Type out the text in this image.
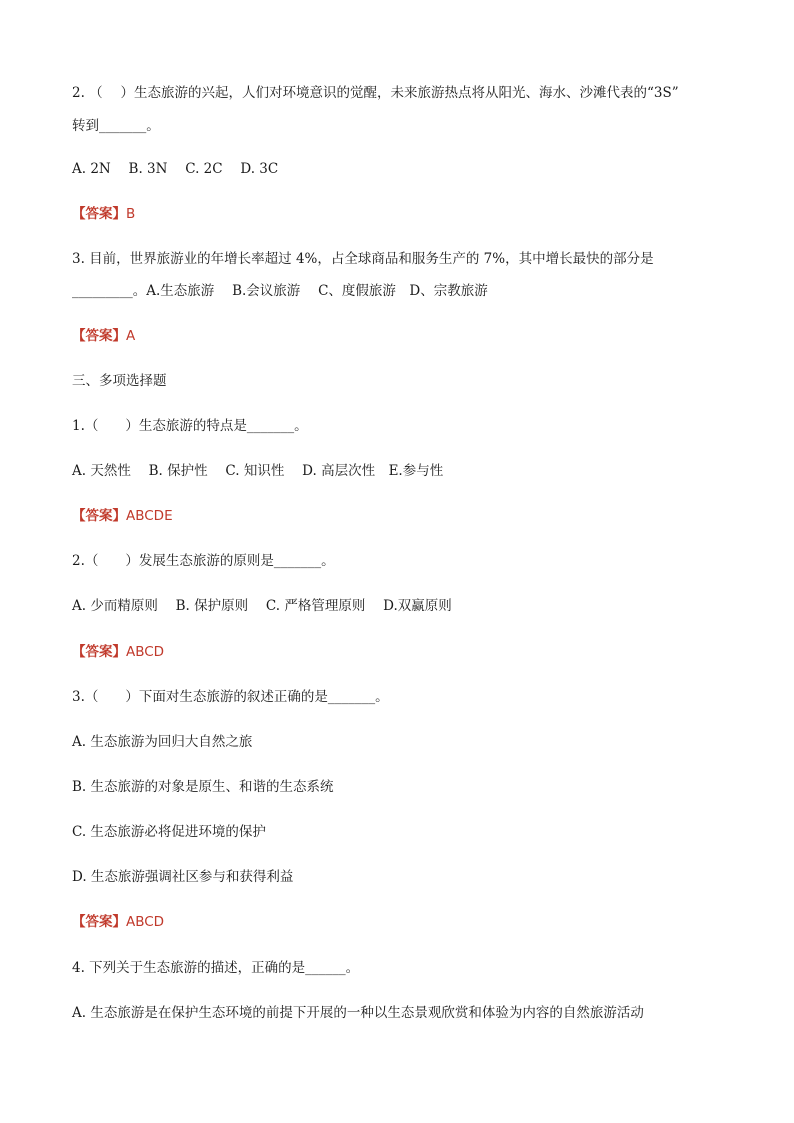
2. （　 ）生态旅游的兴起，人们对环境意识的觉醒，未来旅游热点将从阳光、海水、沙滩代表的“3S”
转到_______。
A. 2N　 B. 3N　 C. 2C　 D. 3C
【答案】B
3. 目前，世界旅游业的年增长率超过 4%，占全球商品和服务生产的 7%，其中增长最快的部分是
_________。A.生态旅游　 B.会议旅游　 C、度假旅游　D、宗教旅游
【答案】A
三、多项选择题
1.（　　）生态旅游的特点是_______。
A. 天然性　 B. 保护性　 C. 知识性　 D. 高层次性　E.参与性
【答案】ABCDE
2.（　　）发展生态旅游的原则是_______。
A. 少而精原则　 B. 保护原则　 C. 严格管理原则　 D.双赢原则
【答案】ABCD
3.（　　）下面对生态旅游的叙述正确的是_______。
A. 生态旅游为回归大自然之旅
B. 生态旅游的对象是原生、和谐的生态系统
C. 生态旅游必将促进环境的保护
D. 生态旅游强调社区参与和获得利益
【答案】ABCD
4. 下列关于生态旅游的描述，正确的是______。
A. 生态旅游是在保护生态环境的前提下开展的一种以生态景观欣赏和体验为内容的自然旅游活动
